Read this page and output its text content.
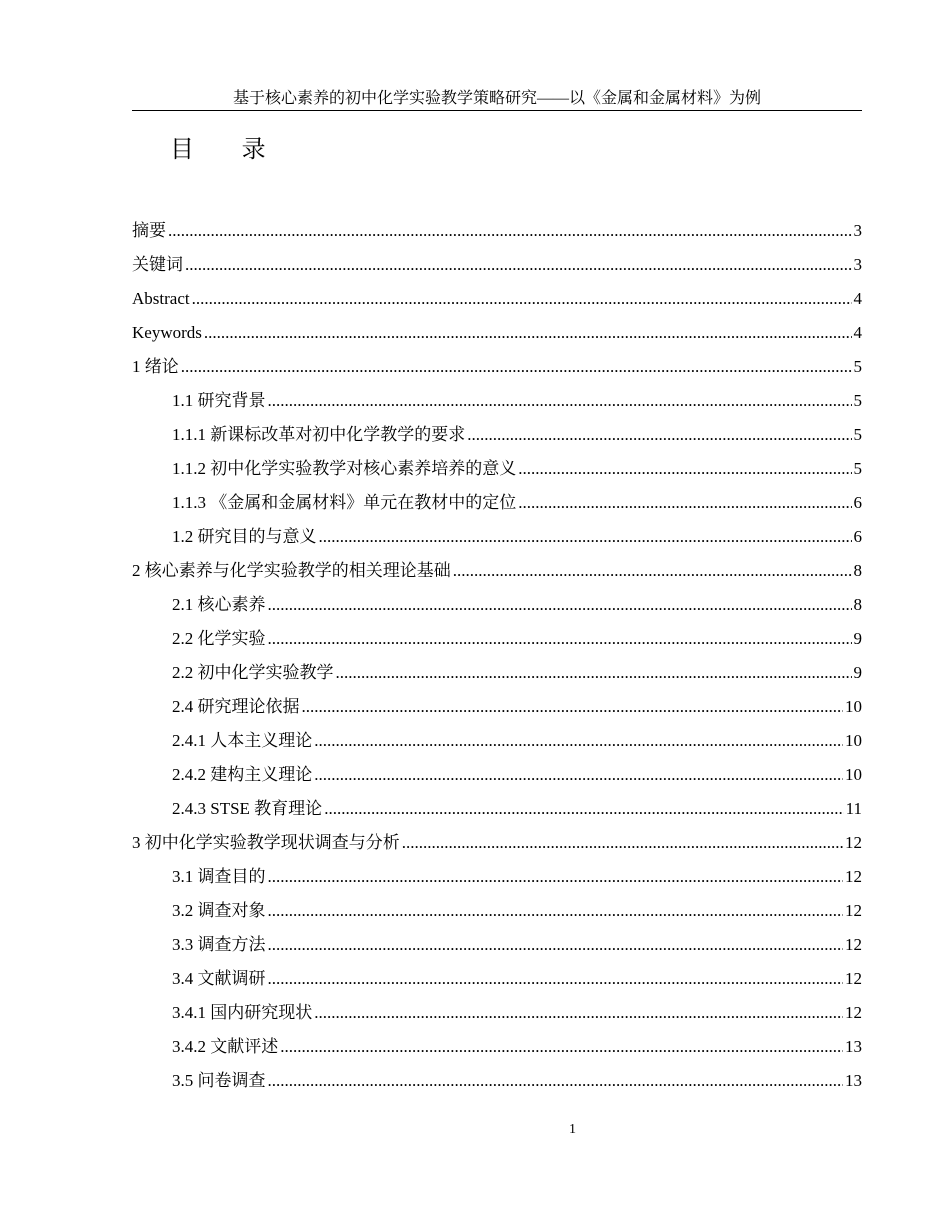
基于核心素养的初中化学实验教学策略研究——以《金属和金属材料》为例
目 录
摘要 .....	3
关键词 .....	3
Abstract .....	4
Keywords .....	4
1 绪论 .....	5
1.1 研究背景 .....	5
1.1.1 新课标改革对初中化学教学的要求 .....	5
1.1.2 初中化学实验教学对核心素养培养的意义 .....	5
1.1.3 《金属和金属材料》单元在教材中的定位 .....	6
1.2 研究目的与意义 .....	6
2 核心素养与化学实验教学的相关理论基础 .....	8
2.1 核心素养 .....	8
2.2 化学实验 .....	9
2.2 初中化学实验教学 .....	9
2.4 研究理论依据 .....	10
2.4.1 人本主义理论 .....	10
2.4.2 建构主义理论 .....	10
2.4.3 STSE 教育理论 .....	11
3 初中化学实验教学现状调查与分析 .....	12
3.1 调查目的 .....	12
3.2 调查对象 .....	12
3.3 调查方法 .....	12
3.4 文献调研 .....	12
3.4.1 国内研究现状 .....	12
3.4.2 文献评述 .....	13
3.5 问卷调查 .....	13
1
